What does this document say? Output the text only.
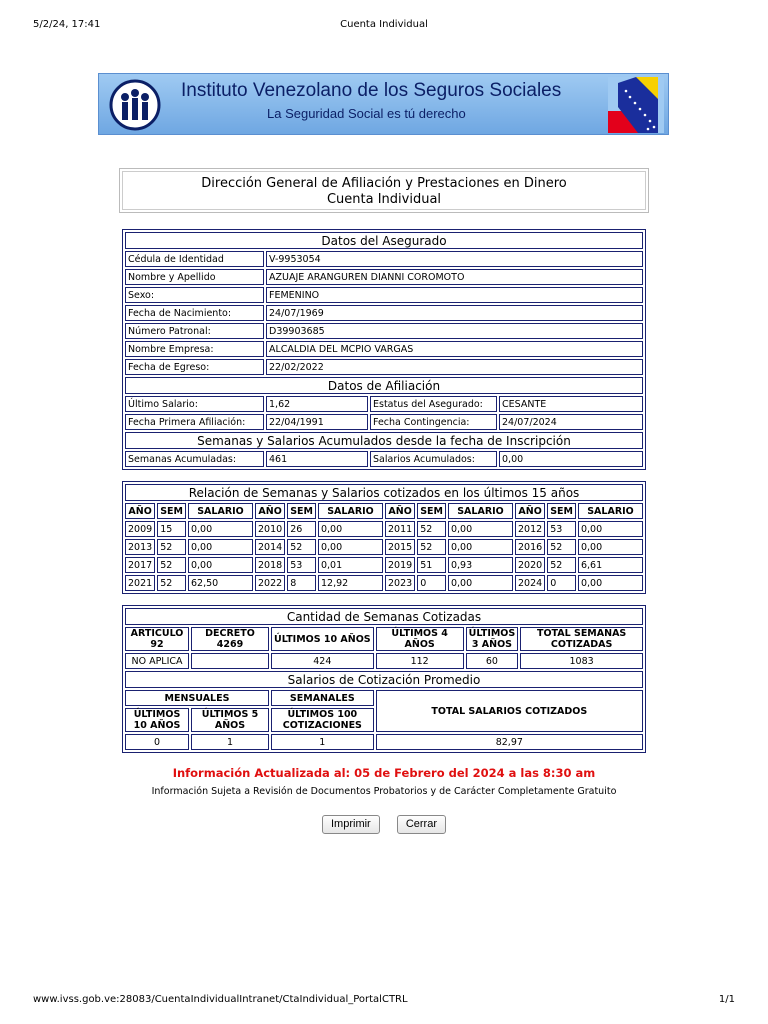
5/2/24, 17:41	Cuenta Individual
Instituto Venezolano de los Seguros Sociales
La Seguridad Social es tú derecho
Dirección General de Afiliación y Prestaciones en Dinero
Cuenta Individual
Datos del Asegurado			
Cédula de Identidad	V-9953054		
Nombre y Apellido	AZUAJE ARANGUREN DIANNI COROMOTO		
Sexo:	FEMENINO		
Fecha de Nacimiento:	24/07/1969		
Número Patronal:	D39903685		
Nombre Empresa:	ALCALDIA DEL MCPIO VARGAS		
Fecha de Egreso:	22/02/2022		
Datos de Afiliación			
Último Salario:	1,62	Estatus del Asegurado:	CESANTE
Fecha Primera Afiliación:	22/04/1991	Fecha Contingencia:	24/07/2024
Semanas y Salarios Acumulados desde la fecha de Inscripción			
Semanas Acumuladas:	461	Salarios Acumulados:	0,00
Relación de Semanas y Salarios cotizados en los últimos 15 años											
AÑO	SEM	SALARIO	AÑO	SEM	SALARIO	AÑO	SEM	SALARIO	AÑO	SEM	SALARIO
2009	15	0,00	2010	26	0,00	2011	52	0,00	2012	53	0,00
2013	52	0,00	2014	52	0,00	2015	52	0,00	2016	52	0,00
2017	52	0,00	2018	53	0,01	2019	51	0,93	2020	52	6,61
2021	52	62,50	2022	8	12,92	2023	0	0,00	2024	0	0,00
Cantidad de Semanas Cotizadas					
ARTICULO 92	DECRETO 4269	ÚLTIMOS 10 AÑOS	ÚLTIMOS 4 AÑOS	ÚLTIMOS 3 AÑOS	TOTAL SEMANAS COTIZADAS
NO APLICA		424	112	60	1083
Salarios de Cotización Promedio					
MENSUALES		SEMANALES	TOTAL SALARIOS COTIZADOS		
ÚLTIMOS 10 AÑOS	ÚLTIMOS 5 AÑOS	ÚLTIMOS 100 COTIZACIONES			
0	1	1	82,97		
Información Actualizada al: 05 de Febrero del 2024 a las 8:30 am
Información Sujeta a Revisión de Documentos Probatorios y de Carácter Completamente Gratuito
Imprimir	Cerrar
www.ivss.gob.ve:28083/CuentaIndividualIntranet/CtaIndividual_PortalCTRL	1/1
